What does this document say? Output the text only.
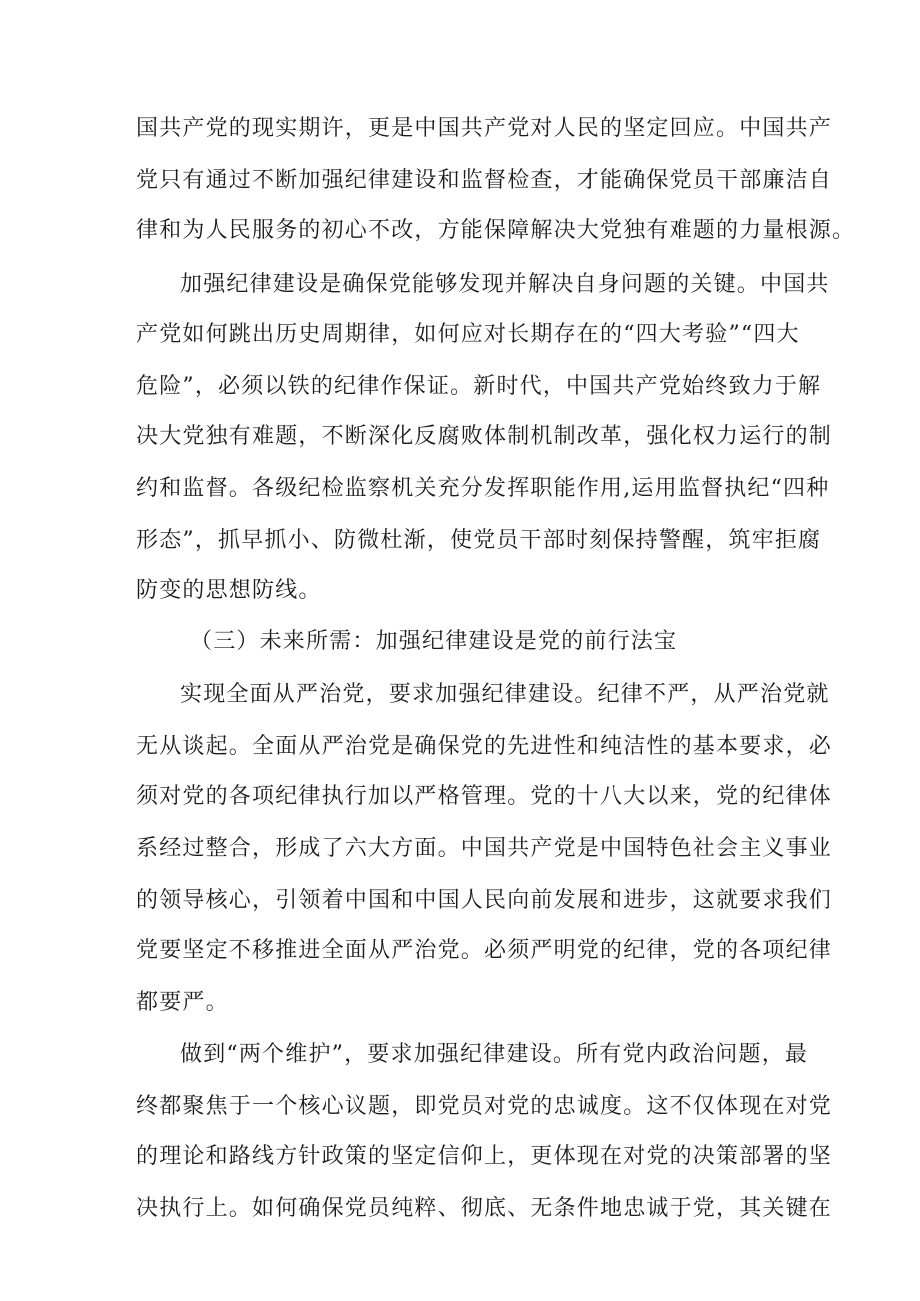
国共产党的现实期许，更是中国共产党对人民的坚定回应。中国共产
党只有通过不断加强纪律建设和监督检查，才能确保党员干部廉洁自
律和为人民服务的初心不改，方能保障解决大党独有难题的力量根源。
加强纪律建设是确保党能够发现并解决自身问题的关键。中国共
产党如何跳出历史周期律，如何应对长期存在的“四大考验”“四大
危险”，必须以铁的纪律作保证。新时代，中国共产党始终致力于解
决大党独有难题，不断深化反腐败体制机制改革，强化权力运行的制
约和监督。各级纪检监察机关充分发挥职能作用,运用监督执纪“四种
形态”，抓早抓小、防微杜渐，使党员干部时刻保持警醒，筑牢拒腐
防变的思想防线。
（三）未来所需：加强纪律建设是党的前行法宝
实现全面从严治党，要求加强纪律建设。纪律不严，从严治党就
无从谈起。全面从严治党是确保党的先进性和纯洁性的基本要求，必
须对党的各项纪律执行加以严格管理。党的十八大以来，党的纪律体
系经过整合，形成了六大方面。中国共产党是中国特色社会主义事业
的领导核心，引领着中国和中国人民向前发展和进步，这就要求我们
党要坚定不移推进全面从严治党。必须严明党的纪律，党的各项纪律
都要严。
做到“两个维护”，要求加强纪律建设。所有党内政治问题，最
终都聚焦于一个核心议题，即党员对党的忠诚度。这不仅体现在对党
的理论和路线方针政策的坚定信仰上，更体现在对党的决策部署的坚
决执行上。如何确保党员纯粹、彻底、无条件地忠诚于党，其关键在
